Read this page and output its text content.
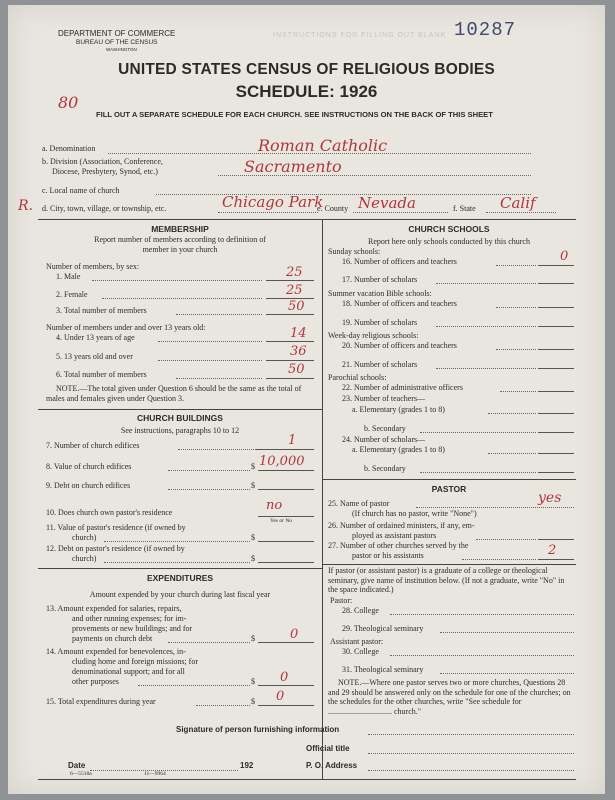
DEPARTMENT OF COMMERCE
BUREAU OF THE CENSUS
WASHINGTON
INSTRUCTIONS FOR FILLING OUT BLANK 10287
UNITED STATES CENSUS OF RELIGIOUS BODIES
SCHEDULE: 1926
80
FILL OUT A SEPARATE SCHEDULE FOR EACH CHURCH. SEE INSTRUCTIONS ON THE BACK OF THIS SHEET
a. Denomination	Roman Catholic
b. Division (Association, Conference,
Diocese, Presbytery, Synod, etc.)	Sacramento
c. Local name of church
R. d. City, town, village, or township, etc.	Chicago Park
e. County Nevada	f. State Calif
MEMBERSHIP
Report number of members according to definition of
member in your church
Number of members, by sex:
1. Male	25
2. Female	25
3. Total number of members	50
Number of members under and over 13 years old:
4. Under 13 years of age	14
5. 13 years old and over	36
6. Total number of members	50
NOTE.—The total given under Question 6 should be the same as the total of males and females given under Question 3.
CHURCH BUILDINGS
See instructions, paragraphs 10 to 12
7. Number of church edifices	1
8. Value of church edifices	$ 10,000
9. Debt on church edifices	$
10. Does church own pastor's residence	no
Yes or No
11. Value of pastor's residence (if owned by
church)	$
12. Debt on pastor's residence (if owned by
church)	$
EXPENDITURES
Amount expended by your church during last fiscal year
13. Amount expended for salaries, repairs,
and other running expenses; for im-
provements or new buildings; and for
payments on church debt	$	0
14. Amount expended for benevolences, in-
cluding home and foreign missions; for
denominational support; and for all
other purposes	$ 0
15. Total expenditures during year	$ 0
CHURCH SCHOOLS
Report here only schools conducted by this church
Sunday schools:
16. Number of officers and teachers	0
17. Number of scholars
Summer vacation Bible schools:
18. Number of officers and teachers
19. Number of scholars
Week-day religious schools:
20. Number of officers and teachers
21. Number of scholars
Parochial schools:
22. Number of administrative officers
23. Number of teachers—
a. Elementary (grades 1 to 8)
b. Secondary
24. Number of scholars—
a. Elementary (grades 1 to 8)
b. Secondary
PASTOR
25. Name of pastor	yes
(If church has no pastor, write "None")
26. Number of ordained ministers, if any, em-
ployed as assistant pastors
27. Number of other churches served by the
pastor or his assistants	2
If pastor (or assistant pastor) is a graduate of a college or theological seminary, give name of institution below. (If not a graduate, write "No" in the space indicated.)
Pastor:
28. College
29. Theological seminary
Assistant pastor:
30. College
31. Theological seminary
NOTE.—Where one pastor serves two or more churches, Questions 28 and 29 should be answered only on the schedule for one of the churches; on the schedules for the other churches, write "See schedule for ................................ church."
Signature of person furnishing information
Official title
Date	192	P. O. Address
6—5518a	11—9964
